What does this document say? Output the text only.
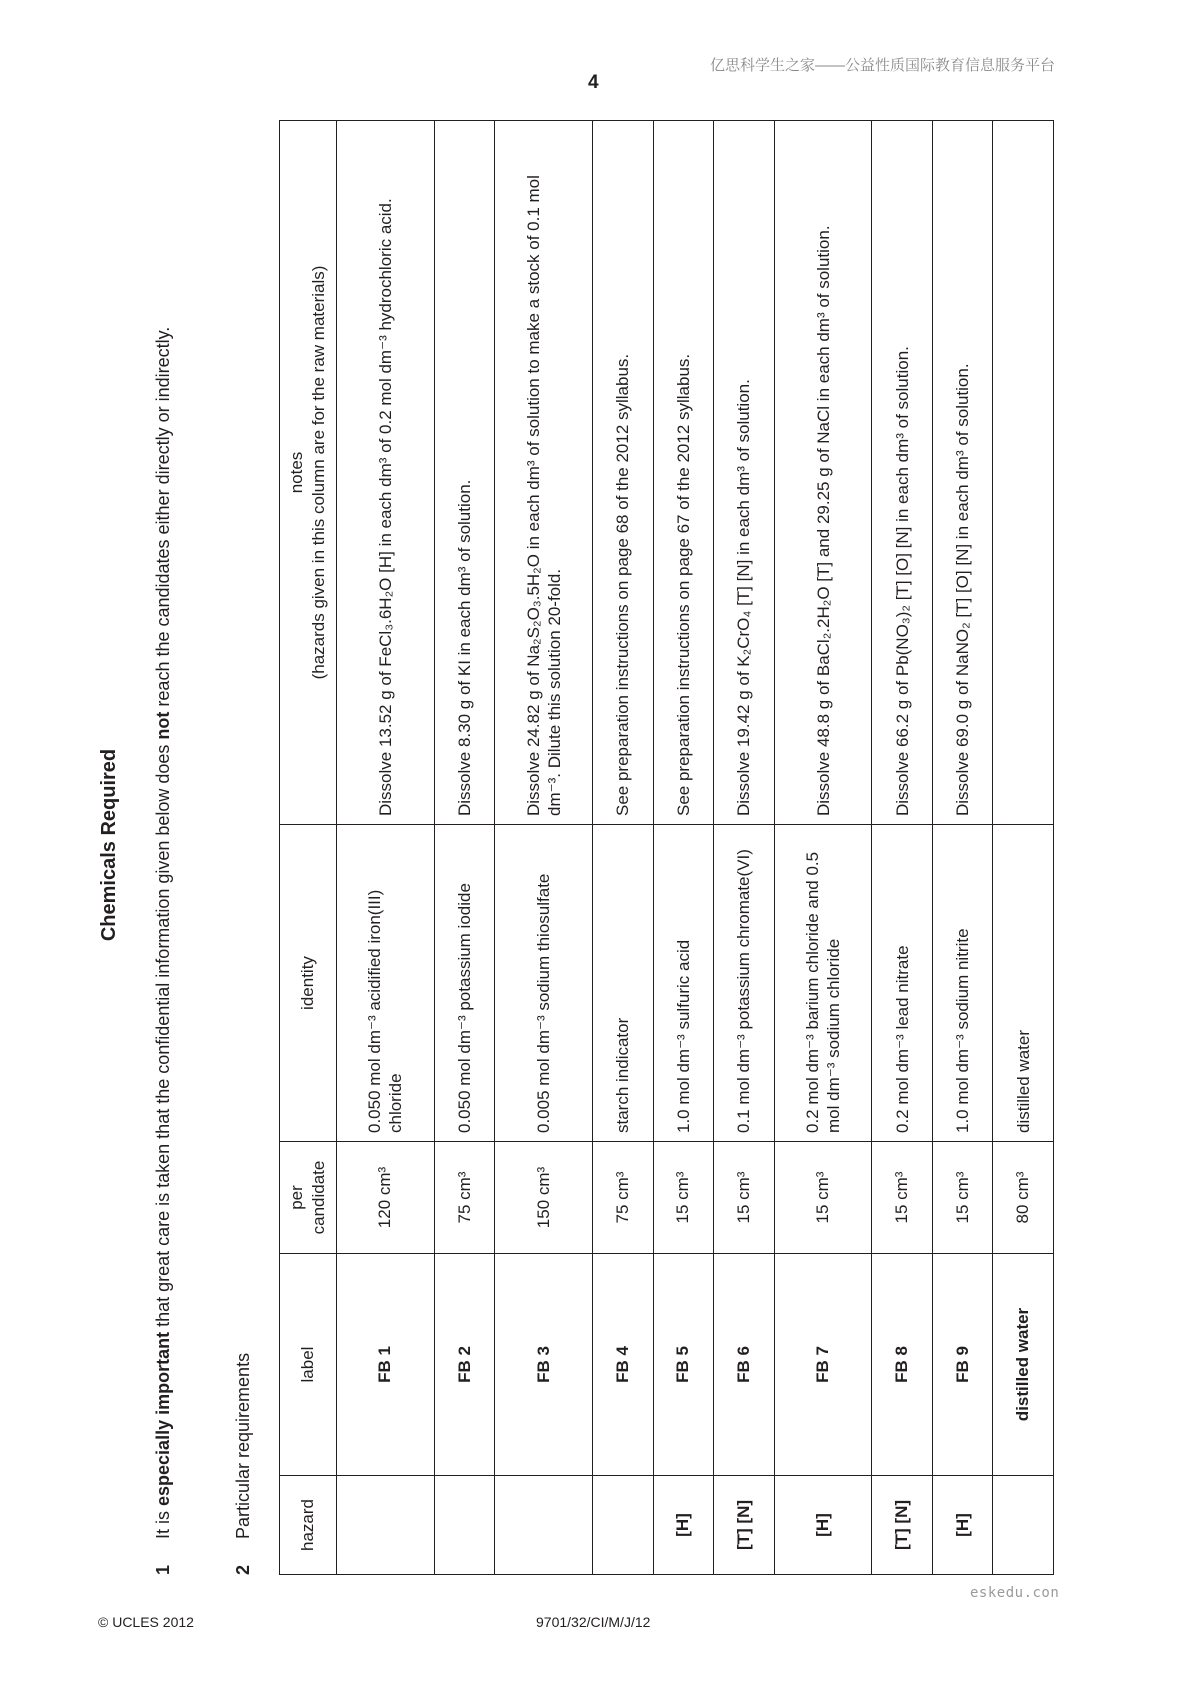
亿思科学生之家——公益性质国际教育信息服务平台
4
Chemicals Required
1
It is especially important that great care is taken that the confidential information given below does not reach the candidates either directly or indirectly.
2
Particular requirements	hazard	label	per candidate	identity	notes (hazards given in this column are for the raw materials)

	FB 1	120 cm³	0.050 mol dm⁻³ acidified iron(III) chloride	Dissolve 13.52 g of FeCl₃.6H₂O [H] in each dm³ of 0.2 mol dm⁻³ hydrochloric acid.
	FB 2	75 cm³	0.050 mol dm⁻³ potassium iodide	Dissolve 8.30 g of KI in each dm³ of solution.
	FB 3	150 cm³	0.005 mol dm⁻³ sodium thiosulfate	Dissolve 24.82 g of Na₂S₂O₃.5H₂O in each dm³ of solution to make a stock of 0.1 mol dm⁻³. Dilute this solution 20-fold.
	FB 4	75 cm³	starch indicator	See preparation instructions on page 68 of the 2012 syllabus.
[H]	FB 5	15 cm³	1.0 mol dm⁻³ sulfuric acid	See preparation instructions on page 67 of the 2012 syllabus.
[T] [N]	FB 6	15 cm³	0.1 mol dm⁻³ potassium chromate(VI)	Dissolve 19.42 g of K₂CrO₄ [T] [N] in each dm³ of solution.
[H]	FB 7	15 cm³	0.2 mol dm⁻³ barium chloride and 0.5 mol dm⁻³ sodium chloride	Dissolve 48.8 g of BaCl₂.2H₂O [T] and 29.25 g of NaCl in each dm³ of solution.
[T] [N]	FB 8	15 cm³	0.2 mol dm⁻³ lead nitrate	Dissolve 66.2 g of Pb(NO₃)₂ [T] [O] [N] in each dm³ of solution.
[H]	FB 9	15 cm³	1.0 mol dm⁻³ sodium nitrite	Dissolve 69.0 g of NaNO₂ [T] [O] [N] in each dm³ of solution.
	distilled water	80 cm³	distilled water	
eskedu.con
© UCLES 2012	9701/32/CI/M/J/12
